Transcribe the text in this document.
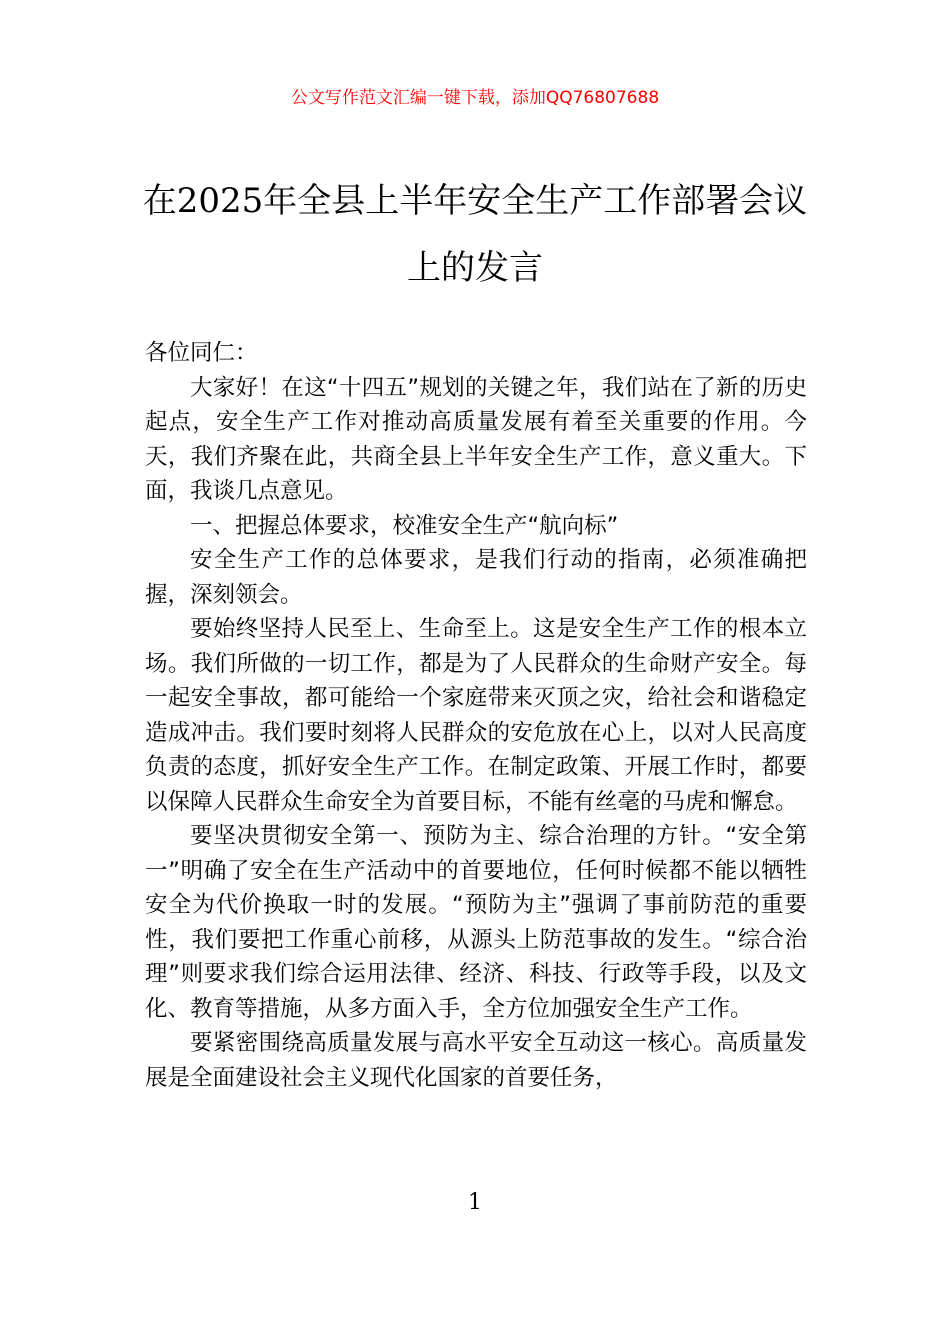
公文写作范文汇编一键下载，添加QQ76807688
在2025年全县上半年安全生产工作部署会议上的发言

各位同仁：

大家好！在这“十四五”规划的关键之年，我们站在了新的历史起点，安全生产工作对推动高质量发展有着至关重要的作用。今天，我们齐聚在此，共商全县上半年安全生产工作，意义重大。下面，我谈几点意见。

一、把握总体要求，校准安全生产“航向标”

安全生产工作的总体要求，是我们行动的指南，必须准确把握，深刻领会。

要始终坚持人民至上、生命至上。这是安全生产工作的根本立场。我们所做的一切工作，都是为了人民群众的生命财产安全。每一起安全事故，都可能给一个家庭带来灭顶之灾，给社会和谐稳定造成冲击。我们要时刻将人民群众的安危放在心上，以对人民高度负责的态度，抓好安全生产工作。在制定政策、开展工作时，都要以保障人民群众生命安全为首要目标，不能有丝毫的马虎和懈怠。

要坚决贯彻安全第一、预防为主、综合治理的方针。“安全第一”明确了安全在生产活动中的首要地位，任何时候都不能以牺牲安全为代价换取一时的发展。“预防为主”强调了事前防范的重要性，我们要把工作重心前移，从源头上防范事故的发生。“综合治理”则要求我们综合运用法律、经济、科技、行政等手段，以及文化、教育等措施，从多方面入手，全方位加强安全生产工作。

要紧密围绕高质量发展与高水平安全互动这一核心。高质量发展是全面建设社会主义现代化国家的首要任务，

1
